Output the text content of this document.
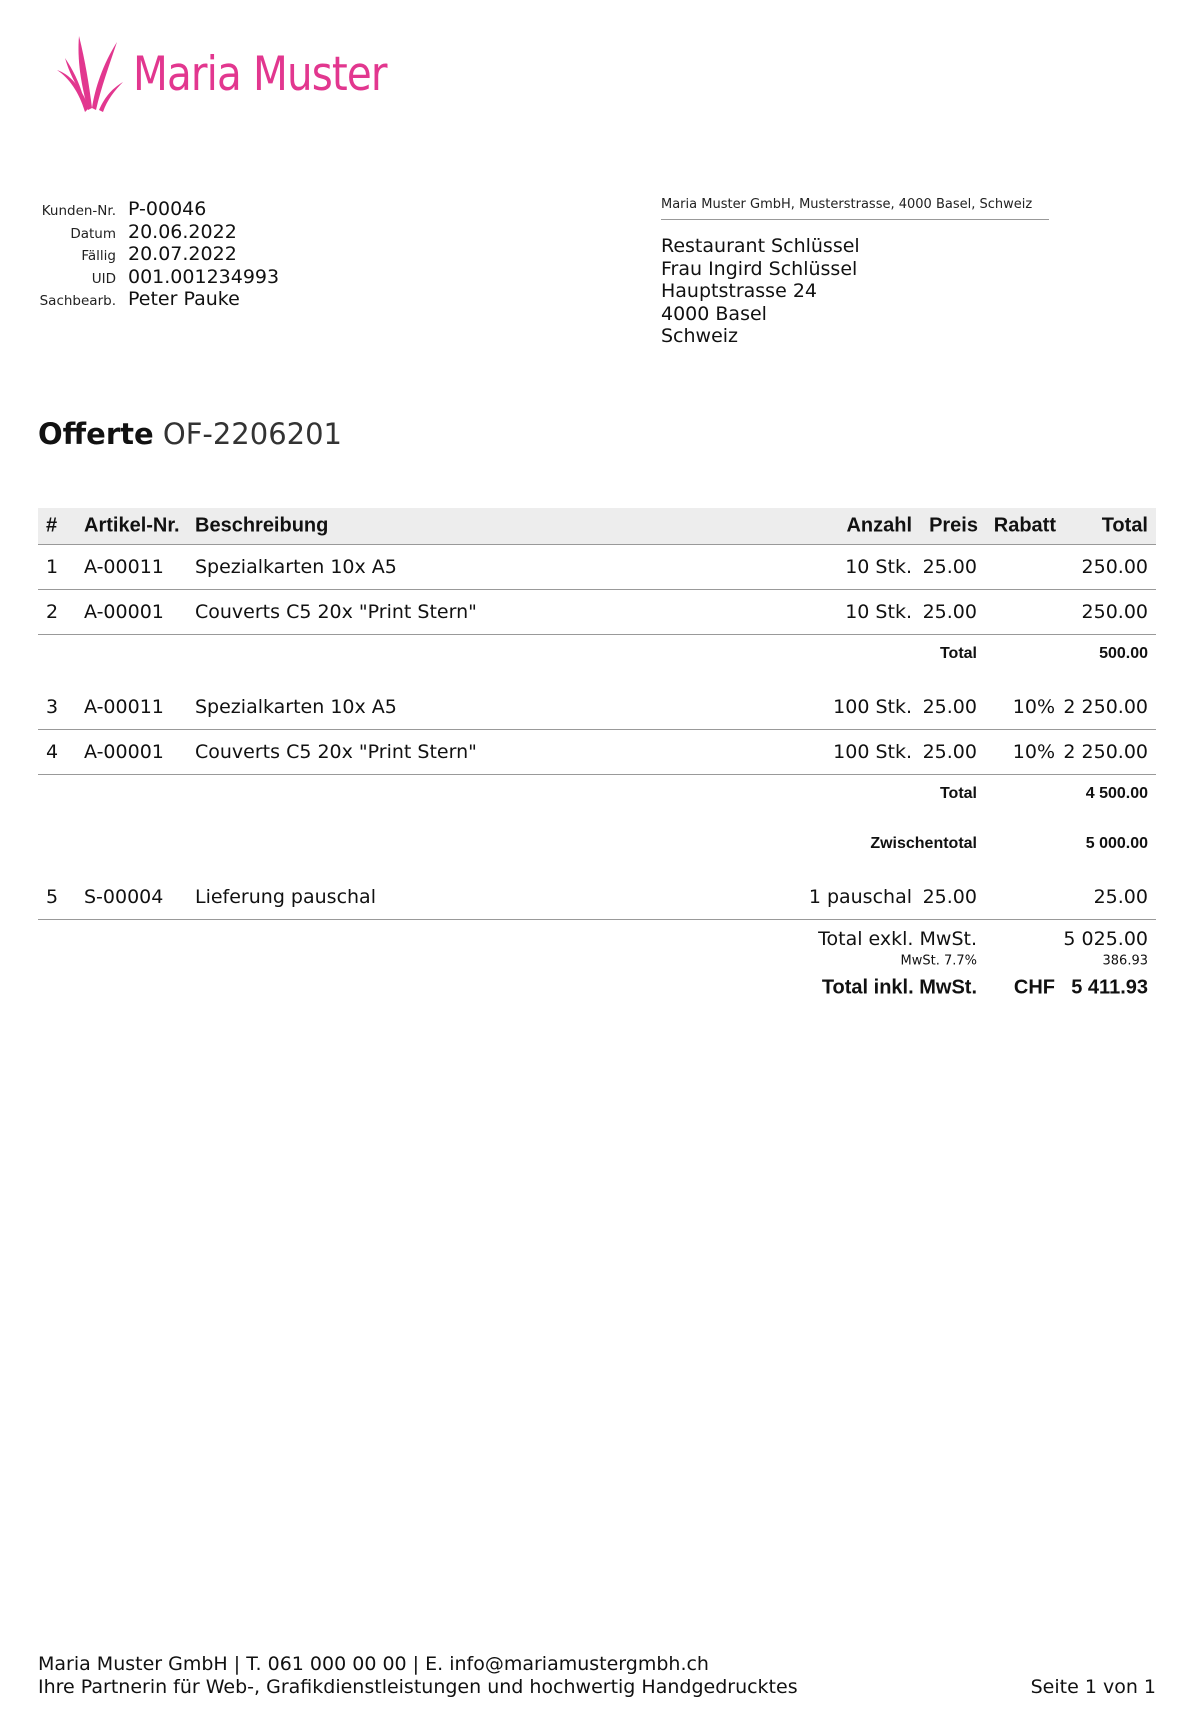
Maria Muster
Kunden-Nr. P-00046
Datum 20.06.2022
Fällig 20.07.2022
UID 001.001234993
Sachbearb. Peter Pauke
Maria Muster GmbH, Musterstrasse, 4000 Basel, Schweiz
Restaurant Schlüssel
Frau Ingird Schlüssel
Hauptstrasse 24
4000 Basel
Schweiz
Offerte OF-2206201
# Artikel-Nr. Beschreibung	Anzahl Preis Rabatt Total
1 A-00011 Spezialkarten 10x A5	10 Stk. 25.00	250.00
2 A-00001 Couverts C5 20x "Print Stern"	10 Stk. 25.00	250.00
Total	500.00
3 A-00011 Spezialkarten 10x A5	100 Stk. 25.00 10% 2 250.00
4 A-00001 Couverts C5 20x "Print Stern"	100 Stk. 25.00 10% 2 250.00
Total	4 500.00
Zwischentotal	5 000.00
5 S-00004 Lieferung pauschal	1 pauschal 25.00	25.00
Total exkl. MwSt.	5 025.00
MwSt. 7.7%	386.93
Total inkl. MwSt. CHF 5 411.93
Maria Muster GmbH | T. 061 000 00 00 | E. info@mariamustergmbh.ch
Ihre Partnerin für Web-, Grafikdienstleistungen und hochwertig Handgedrucktes	Seite 1 von 1
